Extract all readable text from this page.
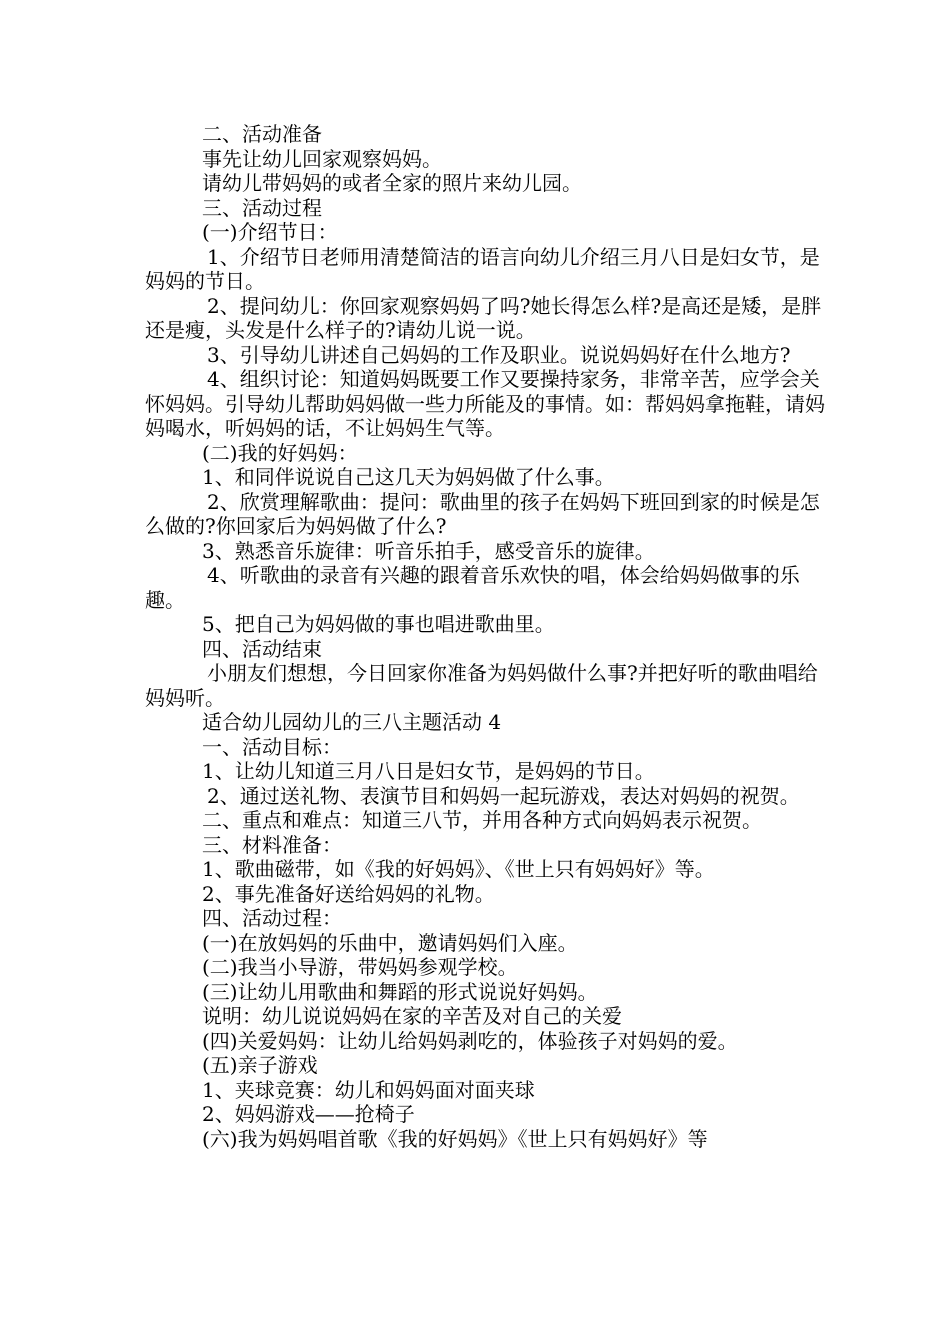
二、活动准备

事先让幼儿回家观察妈妈。

请幼儿带妈妈的或者全家的照片来幼儿园。

三、活动过程

(一)介绍节日：

1、介绍节日老师用清楚简洁的语言向幼儿介绍三月八日是妇女节，是妈妈的节日。

2、提问幼儿：你回家观察妈妈了吗?她长得怎么样?是高还是矮，是胖还是瘦，头发是什么样子的?请幼儿说一说。

3、引导幼儿讲述自己妈妈的工作及职业。说说妈妈好在什么地方?

4、组织讨论：知道妈妈既要工作又要操持家务，非常辛苦，应学会关怀妈妈。引导幼儿帮助妈妈做一些力所能及的事情。如：帮妈妈拿拖鞋，请妈妈喝水，听妈妈的话，不让妈妈生气等。

(二)我的好妈妈：

1、和同伴说说自己这几天为妈妈做了什么事。

2、欣赏理解歌曲：提问：歌曲里的孩子在妈妈下班回到家的时候是怎么做的?你回家后为妈妈做了什么?

3、熟悉音乐旋律：听音乐拍手，感受音乐的旋律。

4、听歌曲的录音有兴趣的跟着音乐欢快的唱，体会给妈妈做事的乐趣。

5、把自己为妈妈做的事也唱进歌曲里。

四、活动结束

小朋友们想想，今日回家你准备为妈妈做什么事?并把好听的歌曲唱给妈妈听。

适合幼儿园幼儿的三八主题活动 4

一、活动目标：

1、让幼儿知道三月八日是妇女节，是妈妈的节日。

2、通过送礼物、表演节目和妈妈一起玩游戏，表达对妈妈的祝贺。

二、重点和难点：知道三八节，并用各种方式向妈妈表示祝贺。

三、材料准备：

1、歌曲磁带，如《我的好妈妈》、《世上只有妈妈好》等。

2、事先准备好送给妈妈的礼物。

四、活动过程：

(一)在放妈妈的乐曲中，邀请妈妈们入座。

(二)我当小导游，带妈妈参观学校。

(三)让幼儿用歌曲和舞蹈的形式说说好妈妈。

说明：幼儿说说妈妈在家的辛苦及对自己的关爱

(四)关爱妈妈：让幼儿给妈妈剥吃的，体验孩子对妈妈的爱。

(五)亲子游戏

1、夹球竞赛：幼儿和妈妈面对面夹球

2、妈妈游戏——抢椅子

(六)我为妈妈唱首歌《我的好妈妈》《世上只有妈妈好》等
